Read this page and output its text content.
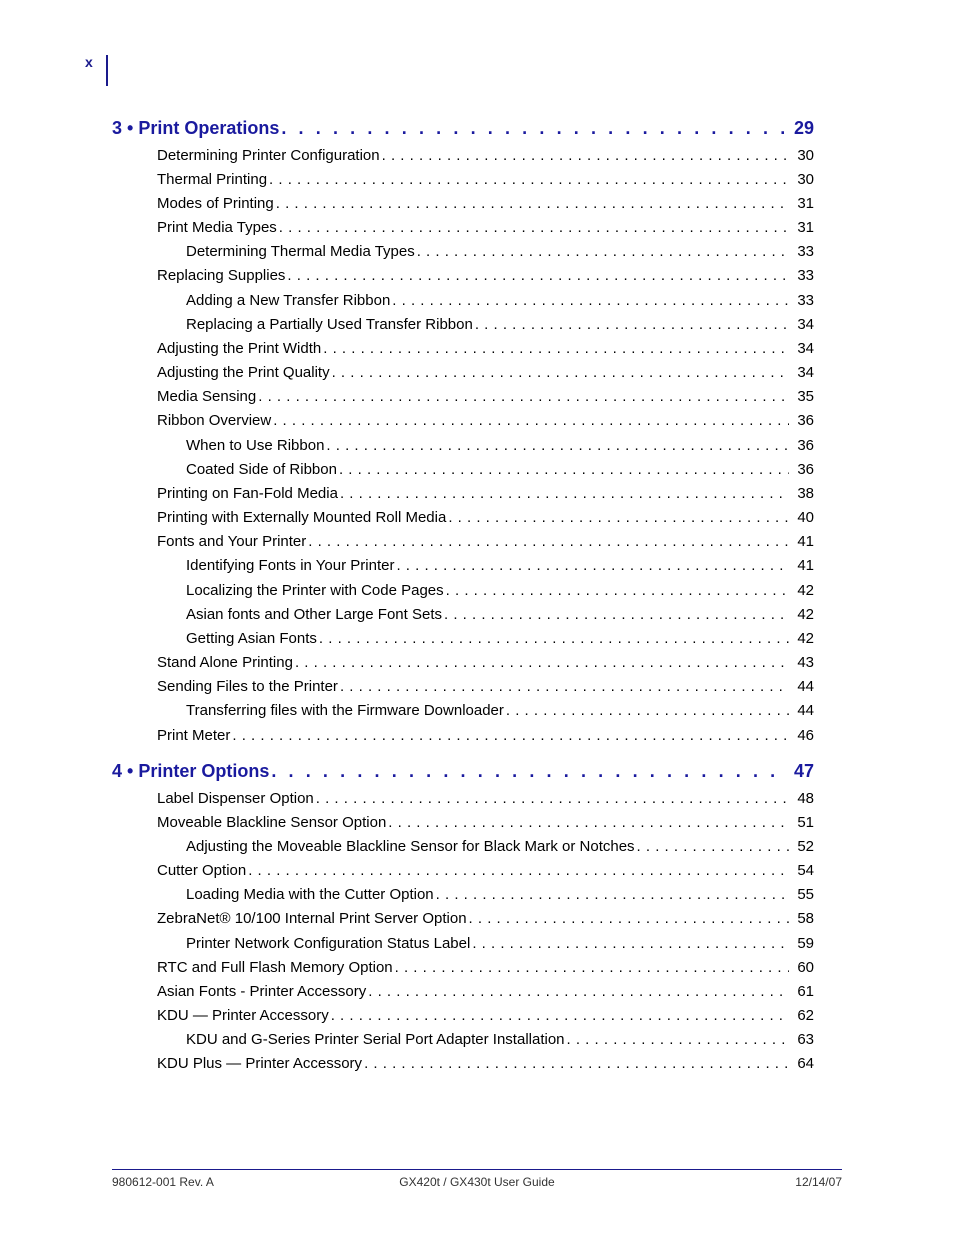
x
3 • Print Operations . . .	29
Determining Printer Configuration . . .	30
Thermal Printing . . .	30
Modes of Printing . . .	31
Print Media Types . . .	31
Determining Thermal Media Types . . .	33
Replacing Supplies . . .	33
Adding a New Transfer Ribbon . . .	33
Replacing a Partially Used Transfer Ribbon . . .	34
Adjusting the Print Width . . .	34
Adjusting the Print Quality . . .	34
Media Sensing . . .	35
Ribbon Overview . . .	36
When to Use Ribbon . . .	36
Coated Side of Ribbon . . .	36
Printing on Fan-Fold Media . . .	38
Printing with Externally Mounted Roll Media . . .	40
Fonts and Your Printer . . .	41
Identifying Fonts in Your Printer . . .	41
Localizing the Printer with Code Pages . . .	42
Asian fonts and Other Large Font Sets . . .	42
Getting Asian Fonts . . .	42
Stand Alone Printing . . .	43
Sending Files to the Printer . . .	44
Transferring files with the Firmware Downloader . . .	44
Print Meter . . .	46
4 • Printer Options . . .	47
Label Dispenser Option . . .	48
Moveable Blackline Sensor Option . . .	51
Adjusting the Moveable Blackline Sensor for Black Mark or Notches . . .	52
Cutter Option . . .	54
Loading Media with the Cutter Option . . .	55
ZebraNet® 10/100 Internal Print Server Option . . .	58
Printer Network Configuration Status Label . . .	59
RTC and Full Flash Memory Option . . .	60
Asian Fonts - Printer Accessory . . .	61
KDU — Printer Accessory . . .	62
KDU and G-Series Printer Serial Port Adapter Installation . . .	63
KDU Plus — Printer Accessory . . .	64
980612-001 Rev. A	GX420t / GX430t User Guide	12/14/07
